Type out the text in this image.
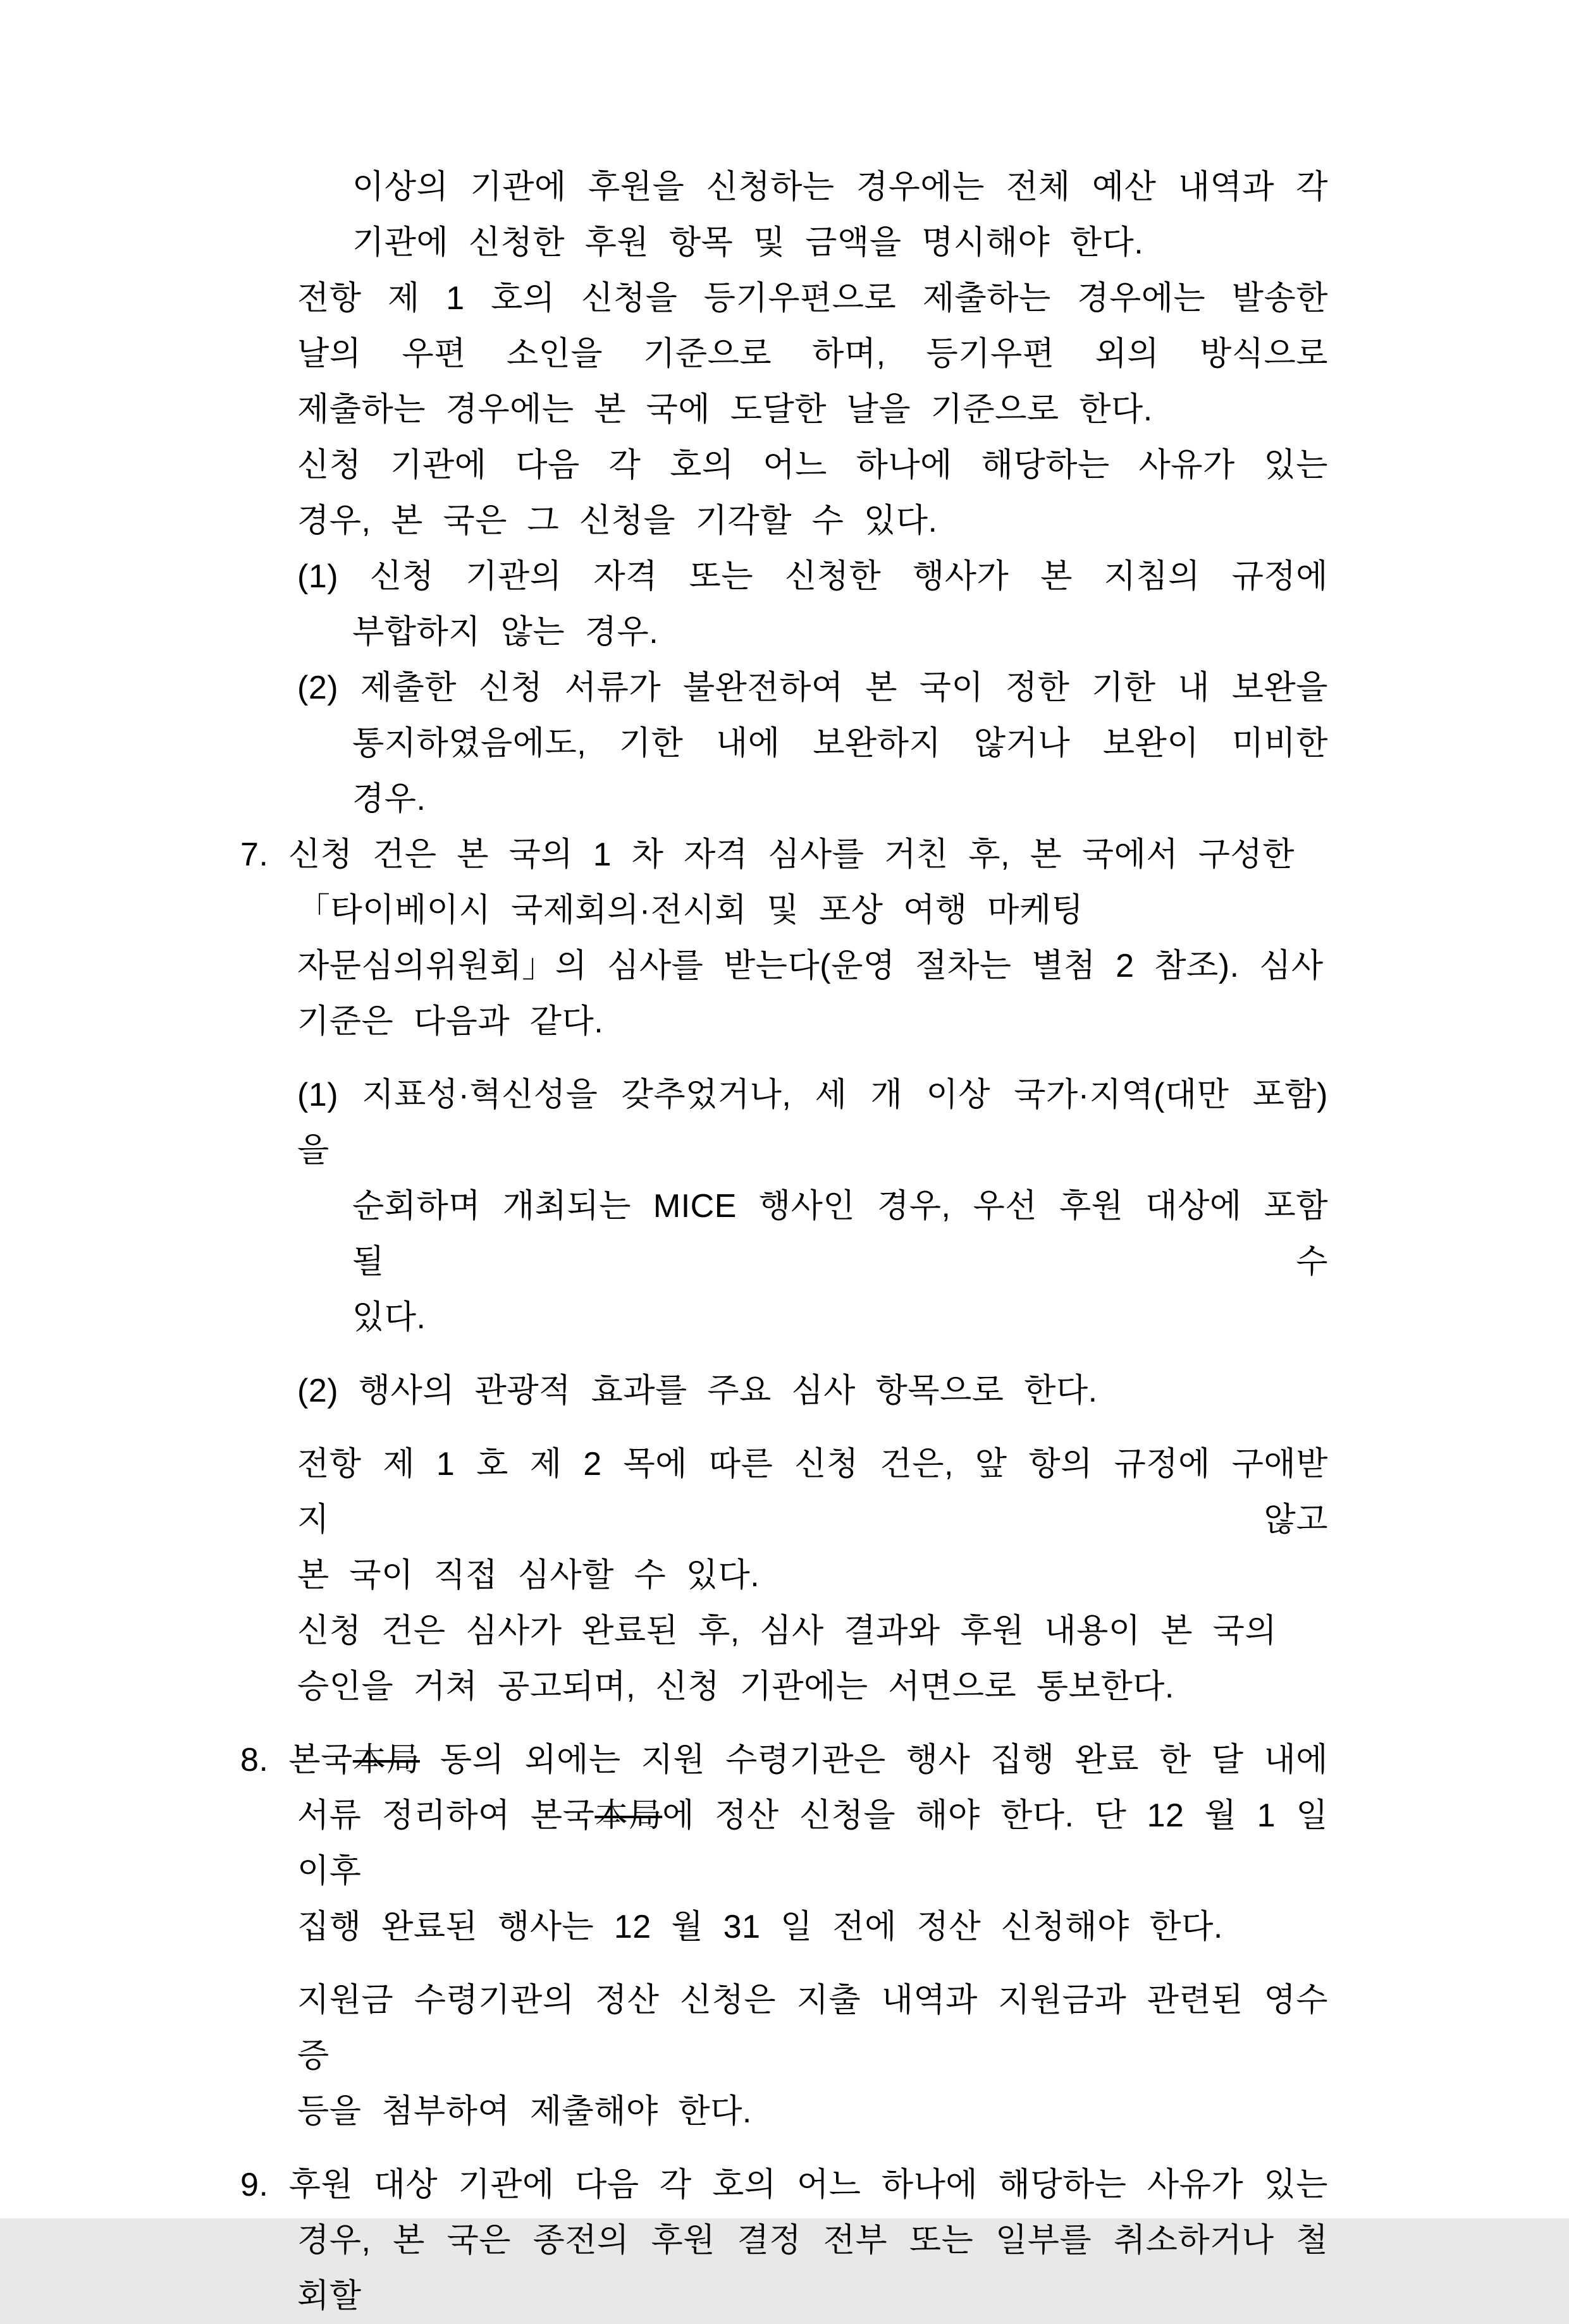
이상의 기관에 후원을 신청하는 경우에는 전체 예산 내역과 각
기관에 신청한 후원 항목 및 금액을 명시해야 한다.
전항 제 1 호의 신청을 등기우편으로 제출하는 경우에는 발송한
날의 우편 소인을 기준으로 하며, 등기우편 외의 방식으로
제출하는 경우에는 본 국에 도달한 날을 기준으로 한다.
신청 기관에 다음 각 호의 어느 하나에 해당하는 사유가 있는
경우, 본 국은 그 신청을 기각할 수 있다.
(1) 신청 기관의 자격 또는 신청한 행사가 본 지침의 규정에
부합하지 않는 경우.
(2) 제출한 신청 서류가 불완전하여 본 국이 정한 기한 내 보완을
통지하였음에도, 기한 내에 보완하지 않거나 보완이 미비한
경우.
7. 신청 건은 본 국의 1 차 자격 심사를 거친 후, 본 국에서 구성한
「타이베이시 국제회의·전시회 및 포상 여행 마케팅
자문심의위원회」의 심사를 받는다(운영 절차는 별첨 2 참조). 심사
기준은 다음과 같다.
(1) 지표성·혁신성을 갖추었거나, 세 개 이상 국가·지역(대만 포함)을
순회하며 개최되는 MICE 행사인 경우, 우선 후원 대상에 포함될 수
있다.
(2) 행사의 관광적 효과를 주요 심사 항목으로 한다.
전항 제 1 호 제 2 목에 따른 신청 건은, 앞 항의 규정에 구애받지 않고
본 국이 직접 심사할 수 있다.
신청 건은 심사가 완료된 후, 심사 결과와 후원 내용이 본 국의
승인을 거쳐 공고되며, 신청 기관에는 서면으로 통보한다.
8. 본국本局 동의 외에는 지원 수령기관은 행사 집행 완료 한 달 내에
서류 정리하여 본국本局에 정산 신청을 해야 한다. 단 12 월 1 일 이후
집행 완료된 행사는 12 월 31 일 전에 정산 신청해야 한다.
지원금 수령기관의 정산 신청은 지출 내역과 지원금과 관련된 영수증
등을 첨부하여 제출해야 한다.
9. 후원 대상 기관에 다음 각 호의 어느 하나에 해당하는 사유가 있는
경우, 본 국은 종전의 후원 결정 전부 또는 일부를 취소하거나 철회할
